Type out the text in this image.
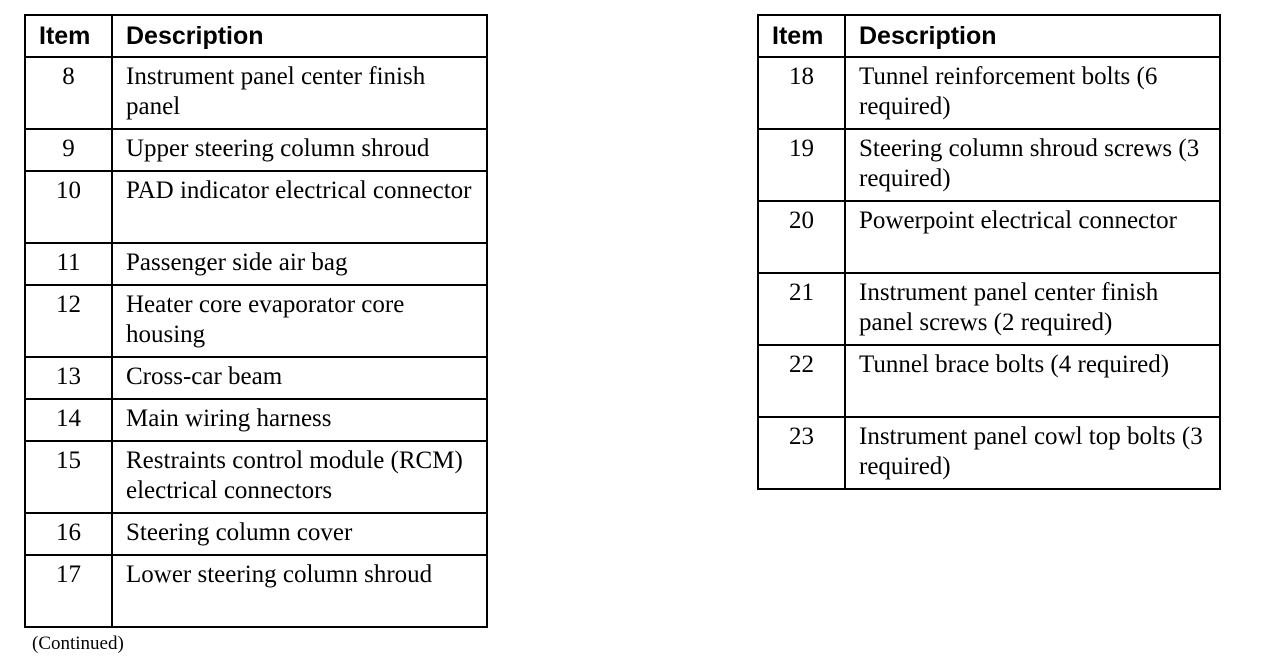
Item	Description
8	Instrument panel center finish panel
9	Upper steering column shroud
10	PAD indicator electrical connector
11	Passenger side air bag
12	Heater core evaporator core housing
13	Cross-car beam
14	Main wiring harness
15	Restraints control module (RCM) electrical connectors
16	Steering column cover
17	Lower steering column shroud
(Continued)
Item	Description
18	Tunnel reinforcement bolts (6 required)
19	Steering column shroud screws (3 required)
20	Powerpoint electrical connector
21	Instrument panel center finish panel screws (2 required)
22	Tunnel brace bolts (4 required)
23	Instrument panel cowl top bolts (3 required)
